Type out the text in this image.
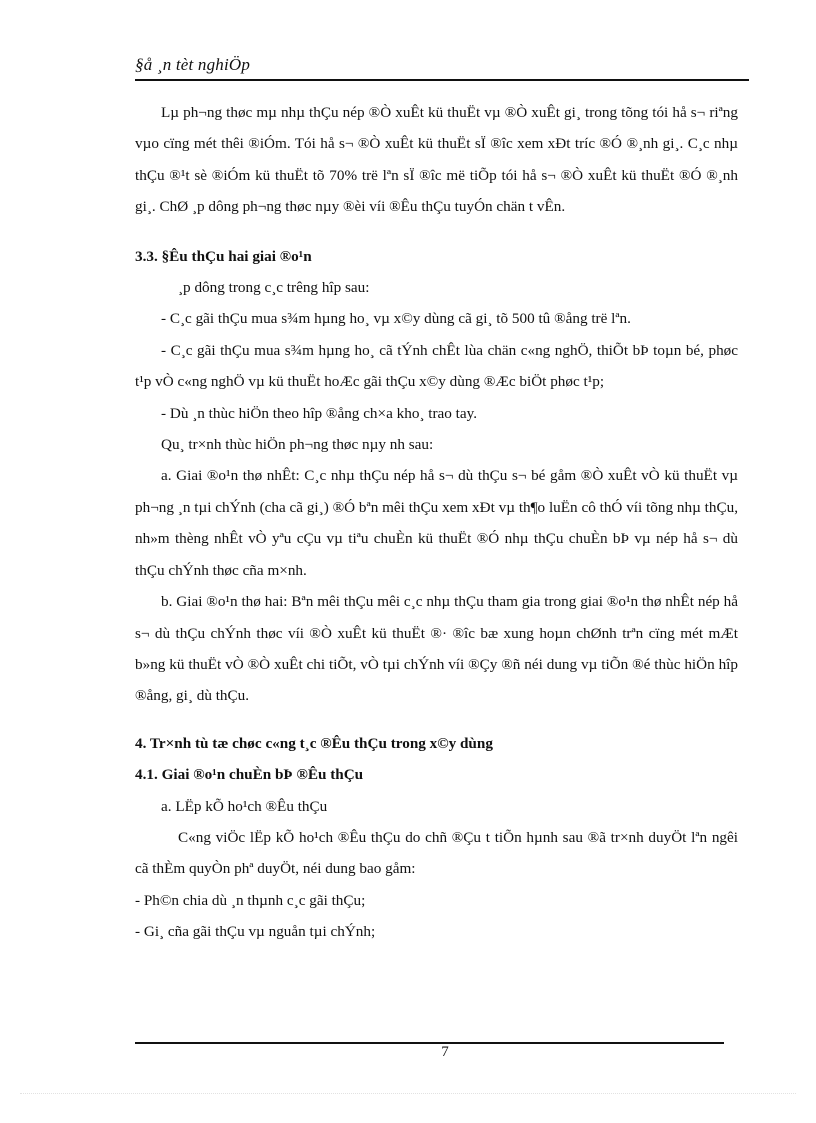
§å ¸n tèt nghiÖp

Lµ ph¬ng thøc mµ nhµ thÇu nép ®Ò xuÊt kü thuËt vµ ®Ò xuÊt gi¸ trong tõng tói hå s¬ riªng vµo cïng mét thêi ®iÓm. Tói hå s¬ ®Ò xuÊt kü thuËt sÏ ®îc xem xÐt tríc ®Ó ®¸nh gi¸. C¸c nhµ thÇu ®¹t sè ®iÓm kü thuËt tõ 70% trë lªn sÏ ®îc më tiÕp tói hå s¬ ®Ò xuÊt kü thuËt ®Ó ®¸nh gi¸. ChØ ¸p dông ph¬ng thøc nµy ®èi víi ®Êu thÇu tuyÓn chän t vÊn.

3.3. §Êu thÇu hai giai ®o¹n

¸p dông trong c¸c trêng hîp sau:

- C¸c gãi thÇu mua s¾m hµng ho¸ vµ x©y dùng cã gi¸ tõ 500 tû ®ång trë lªn.

- C¸c gãi thÇu mua s¾m hµng ho¸ cã tÝnh chÊt lùa chän c«ng nghÖ, thiÕt bÞ toµn bé, phøc t¹p vÒ c«ng nghÖ vµ kü thuËt hoÆc gãi thÇu x©y dùng ®Æc biÖt phøc t¹p;

- Dù ¸n thùc hiÖn theo hîp ®ång ch×a kho¸ trao tay.

Qu¸ tr×nh thùc hiÖn ph¬ng thøc nµy nh sau:

a. Giai ®o¹n thø nhÊt: C¸c nhµ thÇu nép hå s¬ dù thÇu s¬ bé gåm ®Ò xuÊt vÒ kü thuËt vµ ph¬ng ¸n tµi chÝnh (cha cã gi¸) ®Ó bªn mêi thÇu xem xÐt vµ th¶o luËn cô thÓ víi tõng nhµ thÇu, nh»m thèng nhÊt vÒ yªu cÇu vµ tiªu chuÈn kü thuËt ®Ó nhµ thÇu chuÈn bÞ vµ nép hå s¬ dù thÇu chÝnh thøc cña m×nh.

b. Giai ®o¹n thø hai: Bªn mêi thÇu mêi c¸c nhµ thÇu tham gia trong giai ®o¹n thø nhÊt nép hå s¬ dù thÇu chÝnh thøc víi ®Ò xuÊt kü thuËt ®· ®îc bæ xung hoµn chØnh trªn cïng mét mÆt b»ng kü thuËt vÒ ®Ò xuÊt chi tiÕt, vÒ tµi chÝnh víi ®Çy ®ñ néi dung vµ tiÕn ®é thùc hiÖn hîp ®ång, gi¸ dù thÇu.

4. Tr×nh tù tæ chøc c«ng t¸c ®Êu thÇu trong x©y dùng

4.1. Giai ®o¹n chuÈn bÞ ®Êu thÇu

a. LËp kÕ ho¹ch ®Êu thÇu

C«ng viÖc lËp kÕ ho¹ch ®Êu thÇu do chñ ®Çu t tiÕn hµnh sau ®ã tr×nh duyÖt lªn ngêi cã thÈm quyÒn phª duyÖt, néi dung bao gåm:

- Ph©n chia dù ¸n thµnh c¸c gãi thÇu;

- Gi¸ cña gãi thÇu vµ nguån tµi chÝnh;

7
